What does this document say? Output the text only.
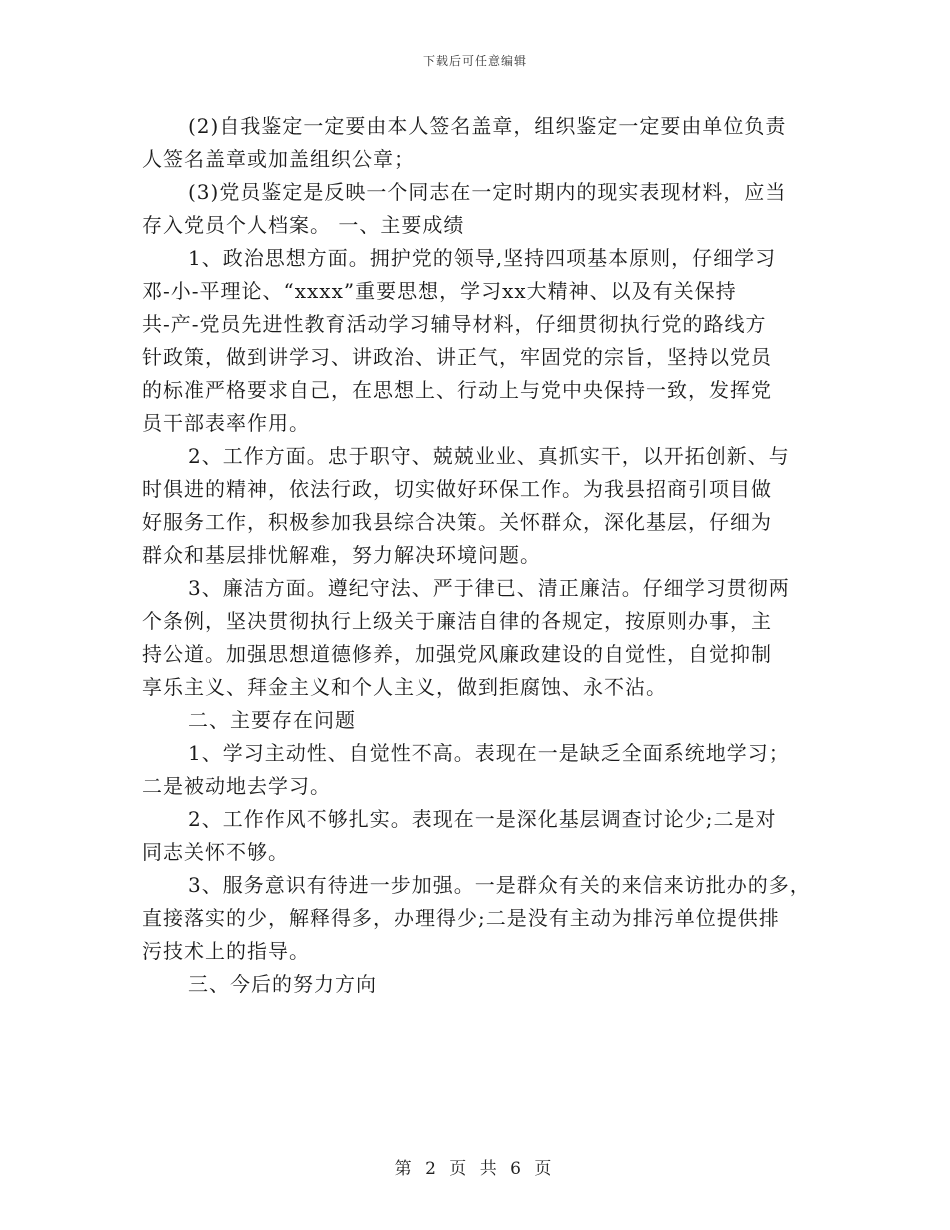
下载后可任意编辑

(2)自我鉴定一定要由本人签名盖章，组织鉴定一定要由单位负责

人签名盖章或加盖组织公章；

(3)党员鉴定是反映一个同志在一定时期内的现实表现材料，应当

存入党员个人档案。 一、主要成绩

1、政治思想方面。拥护党的领导,坚持四项基本原则，仔细学习

邓-小-平理论、“xxxx”重要思想，学习xx大精神、以及有关保持

共-产-党员先进性教育活动学习辅导材料，仔细贯彻执行党的路线方

针政策，做到讲学习、讲政治、讲正气，牢固党的宗旨，坚持以党员

的标准严格要求自己，在思想上、行动上与党中央保持一致，发挥党

员干部表率作用。

2、工作方面。忠于职守、兢兢业业、真抓实干，以开拓创新、与

时俱进的精神，依法行政，切实做好环保工作。为我县招商引项目做

好服务工作，积极参加我县综合决策。关怀群众，深化基层，仔细为

群众和基层排忧解难，努力解决环境问题。

3、廉洁方面。遵纪守法、严于律已、清正廉洁。仔细学习贯彻两

个条例，坚决贯彻执行上级关于廉洁自律的各规定，按原则办事，主

持公道。加强思想道德修养，加强党风廉政建设的自觉性，自觉抑制

享乐主义、拜金主义和个人主义，做到拒腐蚀、永不沾。

二、主要存在问题

1、学习主动性、自觉性不高。表现在一是缺乏全面系统地学习；

二是被动地去学习。

2、工作作风不够扎实。表现在一是深化基层调查讨论少;二是对

同志关怀不够。

3、服务意识有待进一步加强。一是群众有关的来信来访批办的多，

直接落实的少，解释得多，办理得少;二是没有主动为排污单位提供排

污技术上的指导。

三、今后的努力方向

第 2 页 共 6 页
